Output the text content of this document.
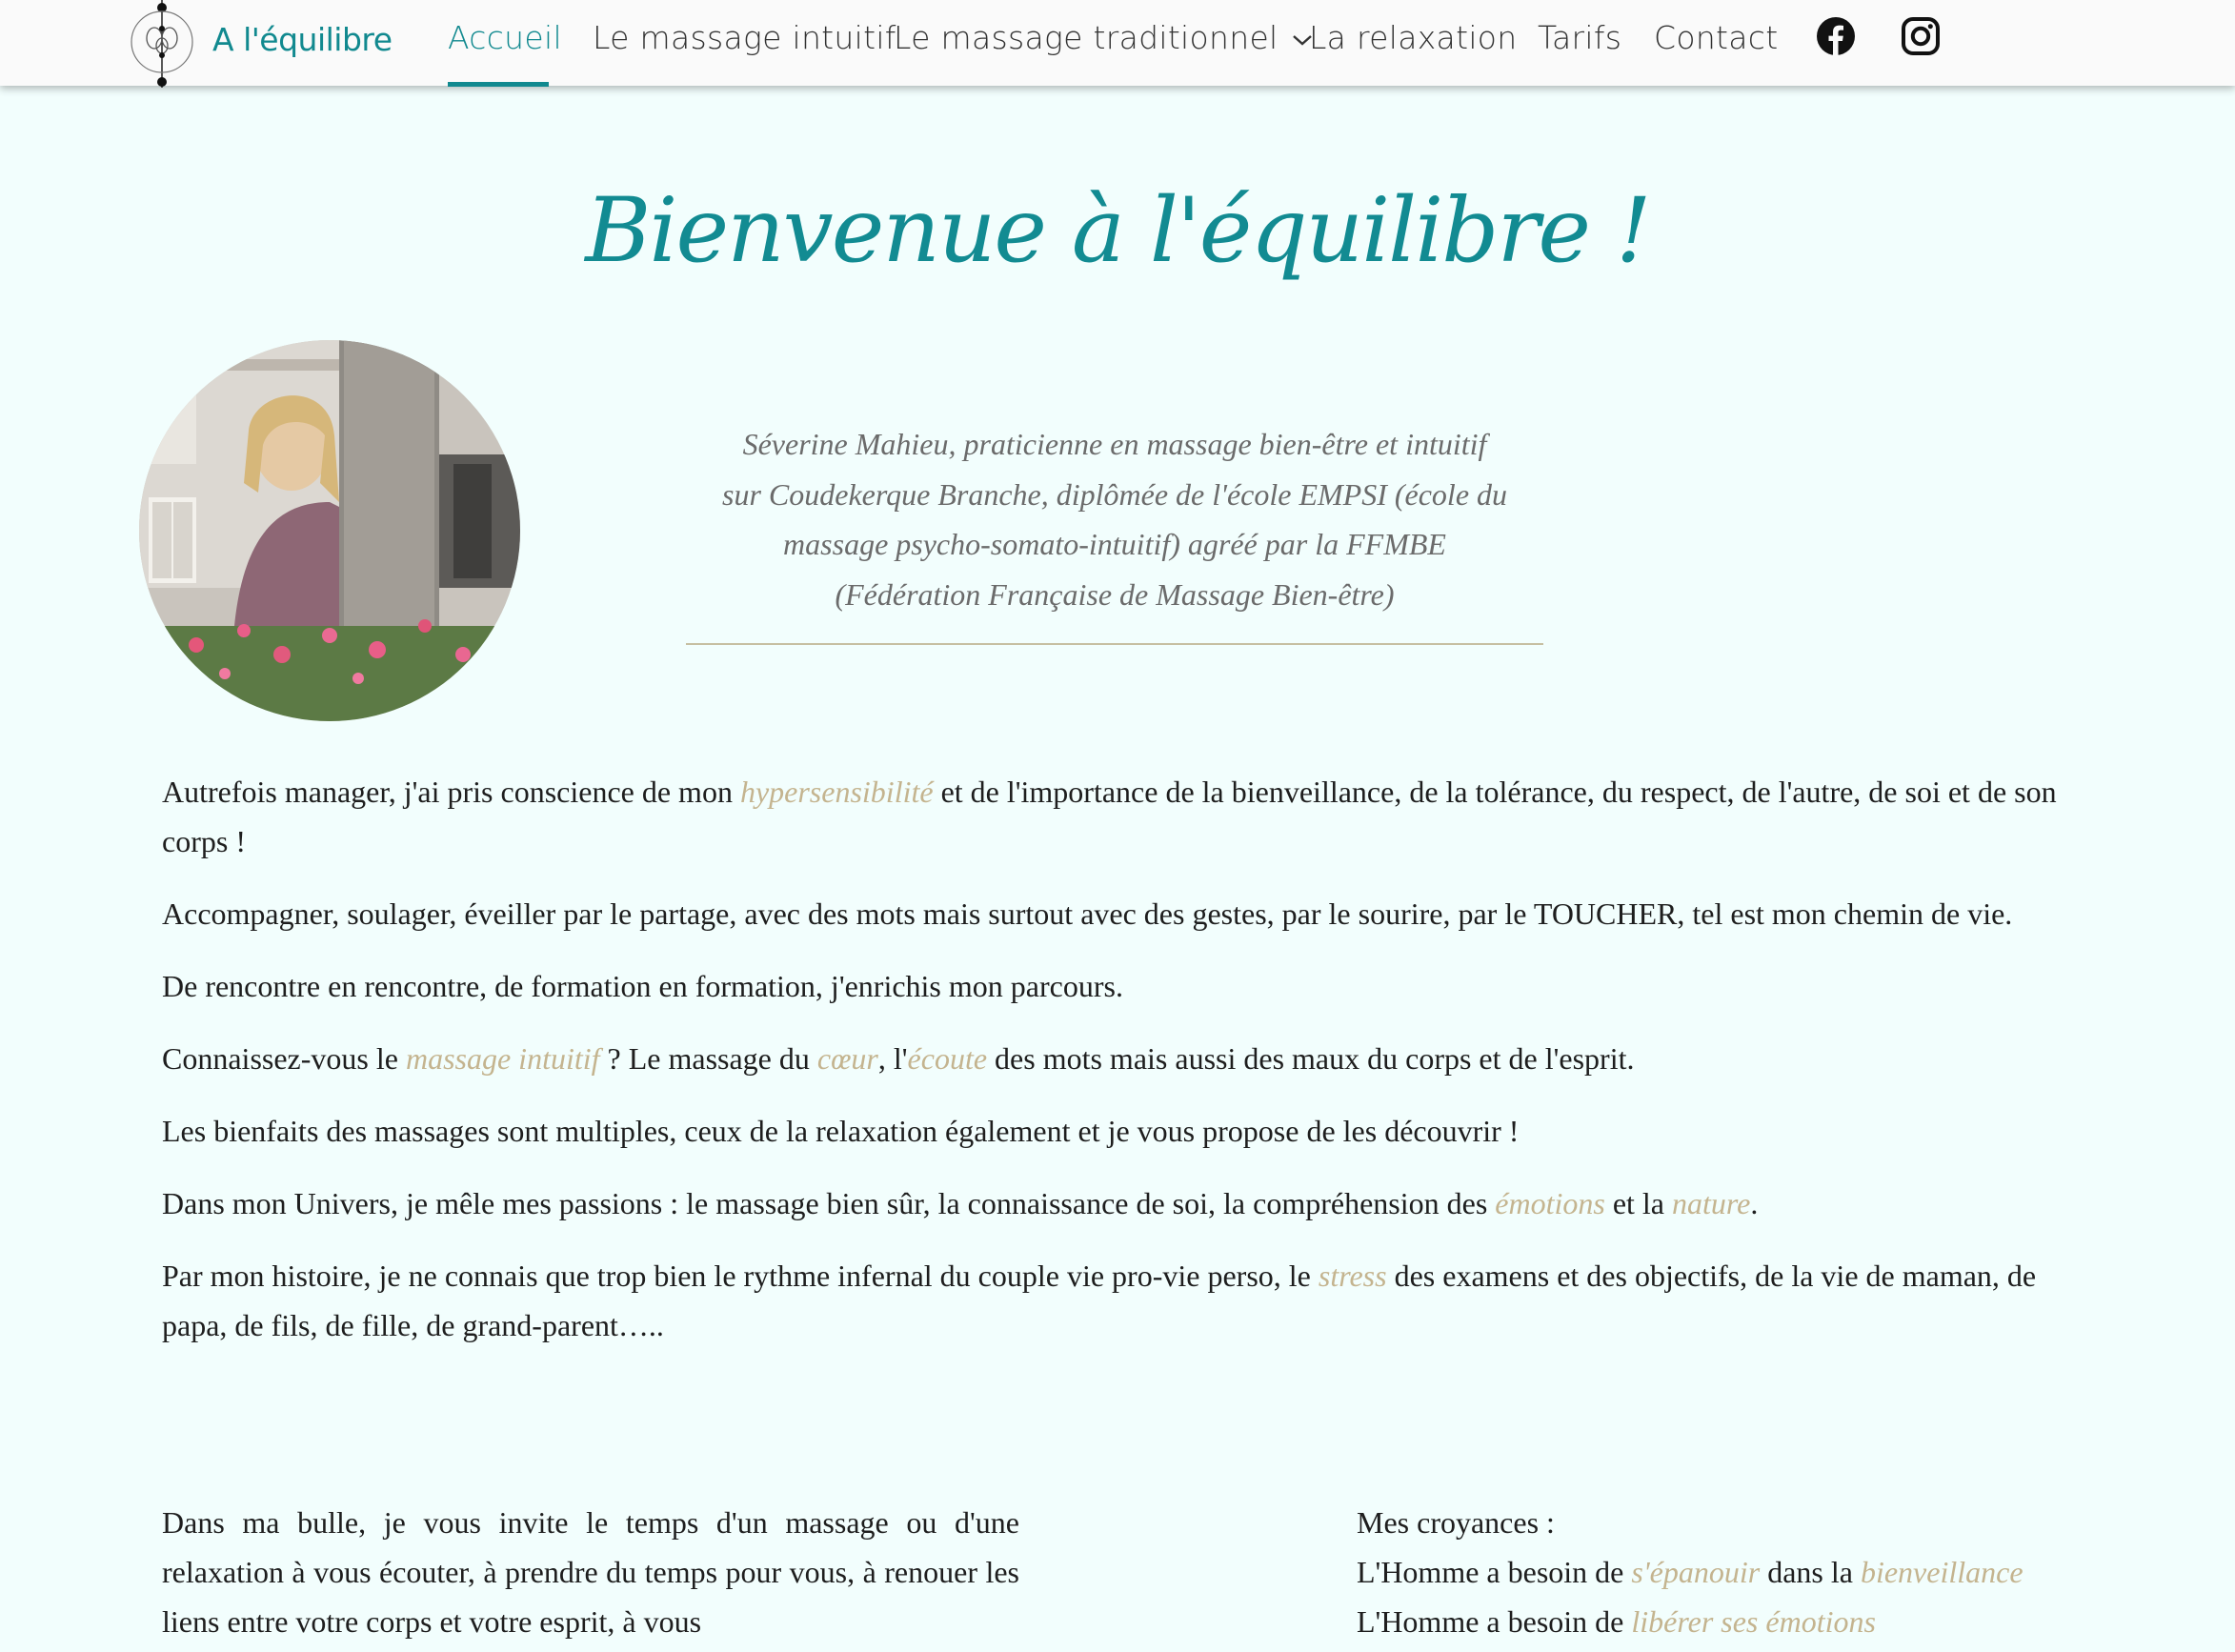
A l'équilibre Accueil Le massage intuitif
Le massage traditionnel La relaxation Tarifs Contact
Bienvenue à l'équilibre !
Séverine Mahieu, praticienne en massage bien-être et intuitif
sur Coudekerque Branche, diplômée de l'école EMPSI (école du
massage psycho-somato-intuitif) agréé par la FFMBE
(Fédération Française de Massage Bien-être)

Autrefois manager, j'ai pris conscience de mon hypersensibilité et de l'importance de la bienveillance, de la tolérance, du respect, de l'autre, de soi et de son corps !

Accompagner, soulager, éveiller par le partage, avec des mots mais surtout avec des gestes, par le sourire, par le TOUCHER, tel est mon chemin de vie.

De rencontre en rencontre, de formation en formation, j'enrichis mon parcours.

Connaissez-vous le massage intuitif ? Le massage du cœur, l'écoute des mots mais aussi des maux du corps et de l'esprit.

Les bienfaits des massages sont multiples, ceux de la relaxation également et je vous propose de les découvrir !

Dans mon Univers, je mêle mes passions : le massage bien sûr, la connaissance de soi, la compréhension des émotions et la nature.

Par mon histoire, je ne connais que trop bien le rythme infernal du couple vie pro-vie perso, le stress des examens et des objectifs, de la vie de maman, de papa, de fils, de fille, de grand-parent…..

Dans ma bulle, je vous invite le temps d'un massage ou d'une relaxation à vous écouter, à prendre du temps pour vous, à renouer les liens entre votre corps et votre esprit, à vous
Mes croyances :
L'Homme a besoin de s'épanouir dans la bienveillance
L'Homme a besoin de libérer ses émotions
